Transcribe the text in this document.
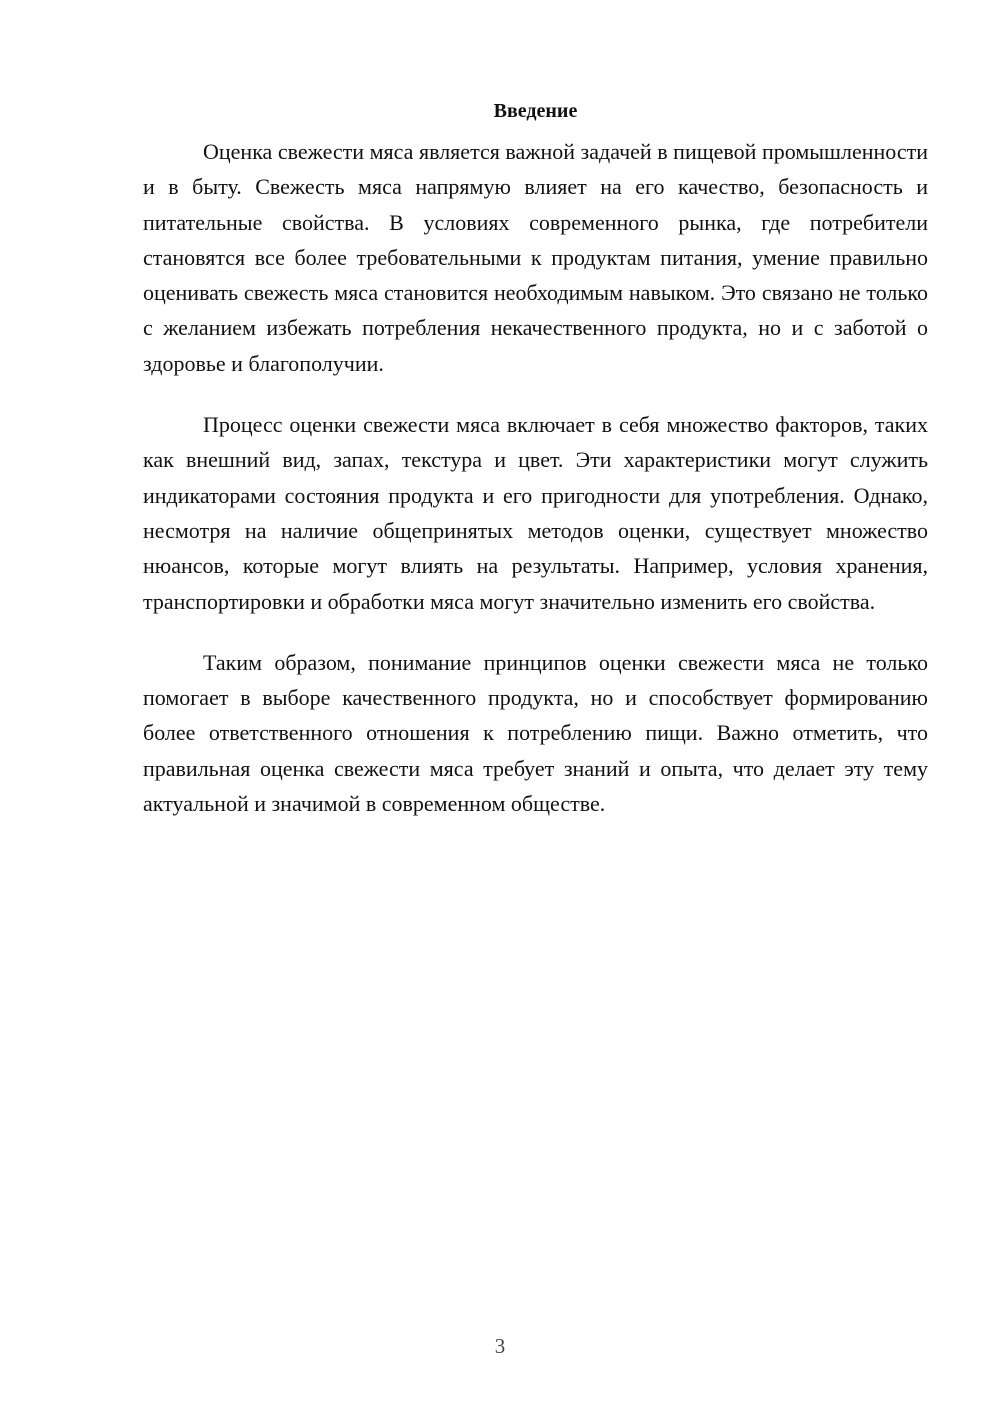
Введение

Оценка свежести мяса является важной задачей в пищевой промышленности и в быту. Свежесть мяса напрямую влияет на его качество, безопасность и питательные свойства. В условиях современного рынка, где потребители становятся все более требовательными к продуктам питания, умение правильно оценивать свежесть мяса становится необходимым навыком. Это связано не только с желанием избежать потребления некачественного продукта, но и с заботой о здоровье и благополучии.

Процесс оценки свежести мяса включает в себя множество факторов, таких как внешний вид, запах, текстура и цвет. Эти характеристики могут служить индикаторами состояния продукта и его пригодности для употребления. Однако, несмотря на наличие общепринятых методов оценки, существует множество нюансов, которые могут влиять на результаты. Например, условия хранения, транспортировки и обработки мяса могут значительно изменить его свойства.

Таким образом, понимание принципов оценки свежести мяса не только помогает в выборе качественного продукта, но и способствует формированию более ответственного отношения к потреблению пищи. Важно отметить, что правильная оценка свежести мяса требует знаний и опыта, что делает эту тему актуальной и значимой в современном обществе.

3
